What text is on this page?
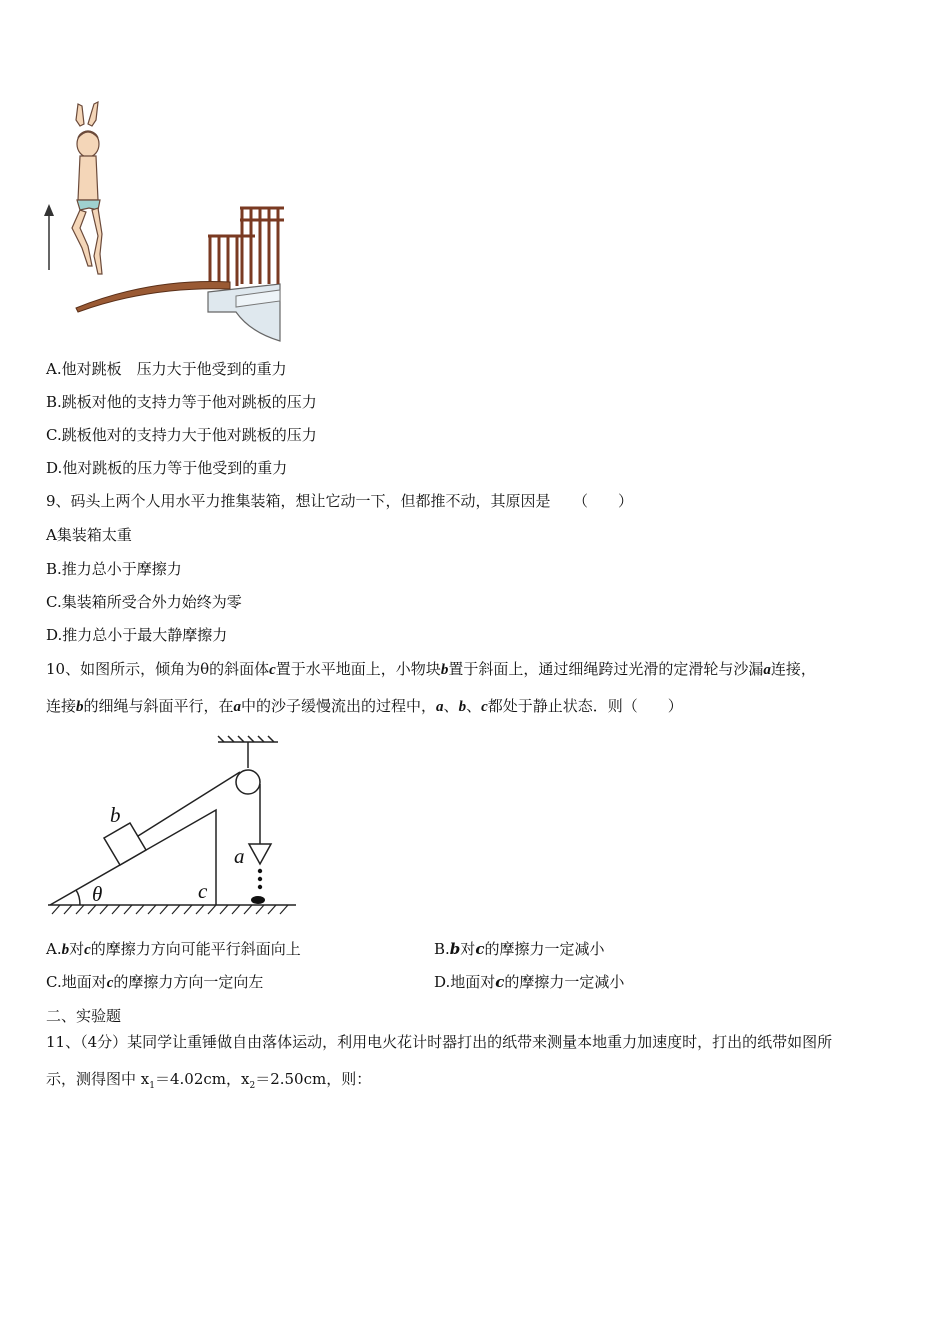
A.他对跳板　压力大于他受到的重力
B.跳板对他的支持力等于他对跳板的压力
C.跳板他对的支持力大于他对跳板的压力
D.他对跳板的压力等于他受到的重力
9、码头上两个人用水平力推集装箱，想让它动一下，但都推不动，其原因是　　（　　）
A集装箱太重
B.推力总小于摩擦力
C.集装箱所受合外力始终为零
D.推力总小于最大静摩擦力
10、如图所示，倾角为θ的斜面体c置于水平地面上，小物块b置于斜面上，通过细绳跨过光滑的定滑轮与沙漏a连接，
连接b的细绳与斜面平行，在a中的沙子缓慢流出的过程中，a、b、c都处于静止状态．则（　　）
b
a
c
θ
A.b对c的摩擦力方向可能平行斜面向上	B.b对c的摩擦力一定减小
C.地面对c的摩擦力方向一定向左	D.地面对c的摩擦力一定减小
二、实验题
11、（4分）某同学让重锤做自由落体运动，利用电火花计时器打出的纸带来测量本地重力加速度时，打出的纸带如图所
示，测得图中 $x_1=4.02cm$，$x_2=2.50cm$，则：
